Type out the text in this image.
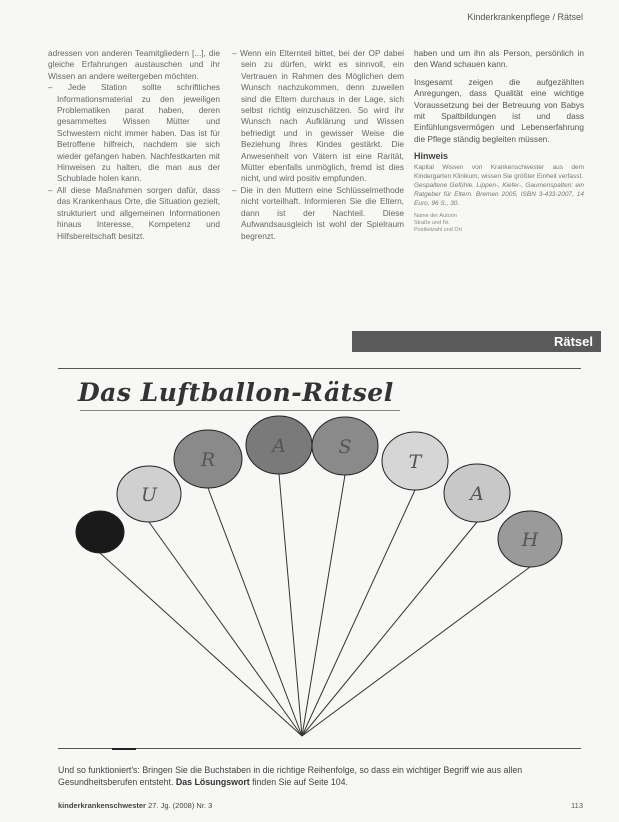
Kinderkrankenpflege / Rätsel

adressen von anderen Teamitgliedern [...], die gleiche Erfahrungen austauschen und ihr Wissen an andere weitergeben möchten.

– Jede Station sollte schriftliches Informationsmaterial zu den jeweiligen Problematiken parat haben, deren gesammeltes Wissen Mütter und Schwestern nicht immer haben. Das ist für Betroffene hilfreich, nachdem sie sich wieder gefangen haben. Nachfestkarten mit Hinweisen zu halten, die man aus der Schublade holen kann.

– All diese Maßnahmen sorgen dafür, dass das Krankenhaus Orte, die Situation gezielt, strukturiert und allgemeinen Informationen hinaus Interesse, Kompetenz und Hilfsbereitschaft besitzt.

– Wenn ein Elternteil bittet, bei der OP dabei sein zu dürfen, wirkt es sinnvoll, ein Vertrauen in Rahmen des Möglichen dem Wunsch nachzukommen, denn zuweilen sind die Eltern durchaus in der Lage, sich selbst richtig einzuschätzen. So wird ihr Wunsch nach Aufklärung und Wissen befriedigt und in gewisser Weise die Beziehung ihres Kindes gestärkt. Die Anwesenheit von Vätern ist eine Rarität, Mütter ebenfalls unmöglich, fremd ist dies nicht, und wird positiv empfunden.

– Die in den Muttern eine Schlüsselmethode nicht vorteilhaft. Informieren Sie die Eltern, dann ist der Nachteil. Diese Aufwandsausgleich ist wohl der Spielraum begrenzt.

haben und um ihn als Person, persönlich in den Wand schauen kann.

Insgesamt zeigen die aufgezählten Anregungen, dass Qualität eine wichtige Voraussetzung bei der Betreuung von Babys mit Spaltbildungen ist und dass Einfühlungsvermögen und Lebenserfahrung die Pflege ständig begleiten müssen.

Hinweis
Kapital Wissen von Krankenschwester aus dem Kindergarten Klinikum, wissen Sie größter Einheit verfasst.
Gespaltene Gefühle. Lippen-, Kiefer-, Gaumenspalten: ein Ratgeber für Eltern. Bremen 2005, ISBN 3-433-2007, 14 Euro, 96 S., 30.
Name der Autorin
Straße und Nr.
Postleitzahl und Ort
Rätsel
Das Luftballon-Rätsel
U
R
A	S
T
A
H
Und so funktioniert's: Bringen Sie die Buchstaben in die richtige Reihenfolge, so dass ein wichtiger Begriff wie aus allen Gesundheitsberufen entsteht. Das Lösungswort finden Sie auf Seite 104.
kinderkrankenschwester 27. Jg. (2008) Nr. 3	113
